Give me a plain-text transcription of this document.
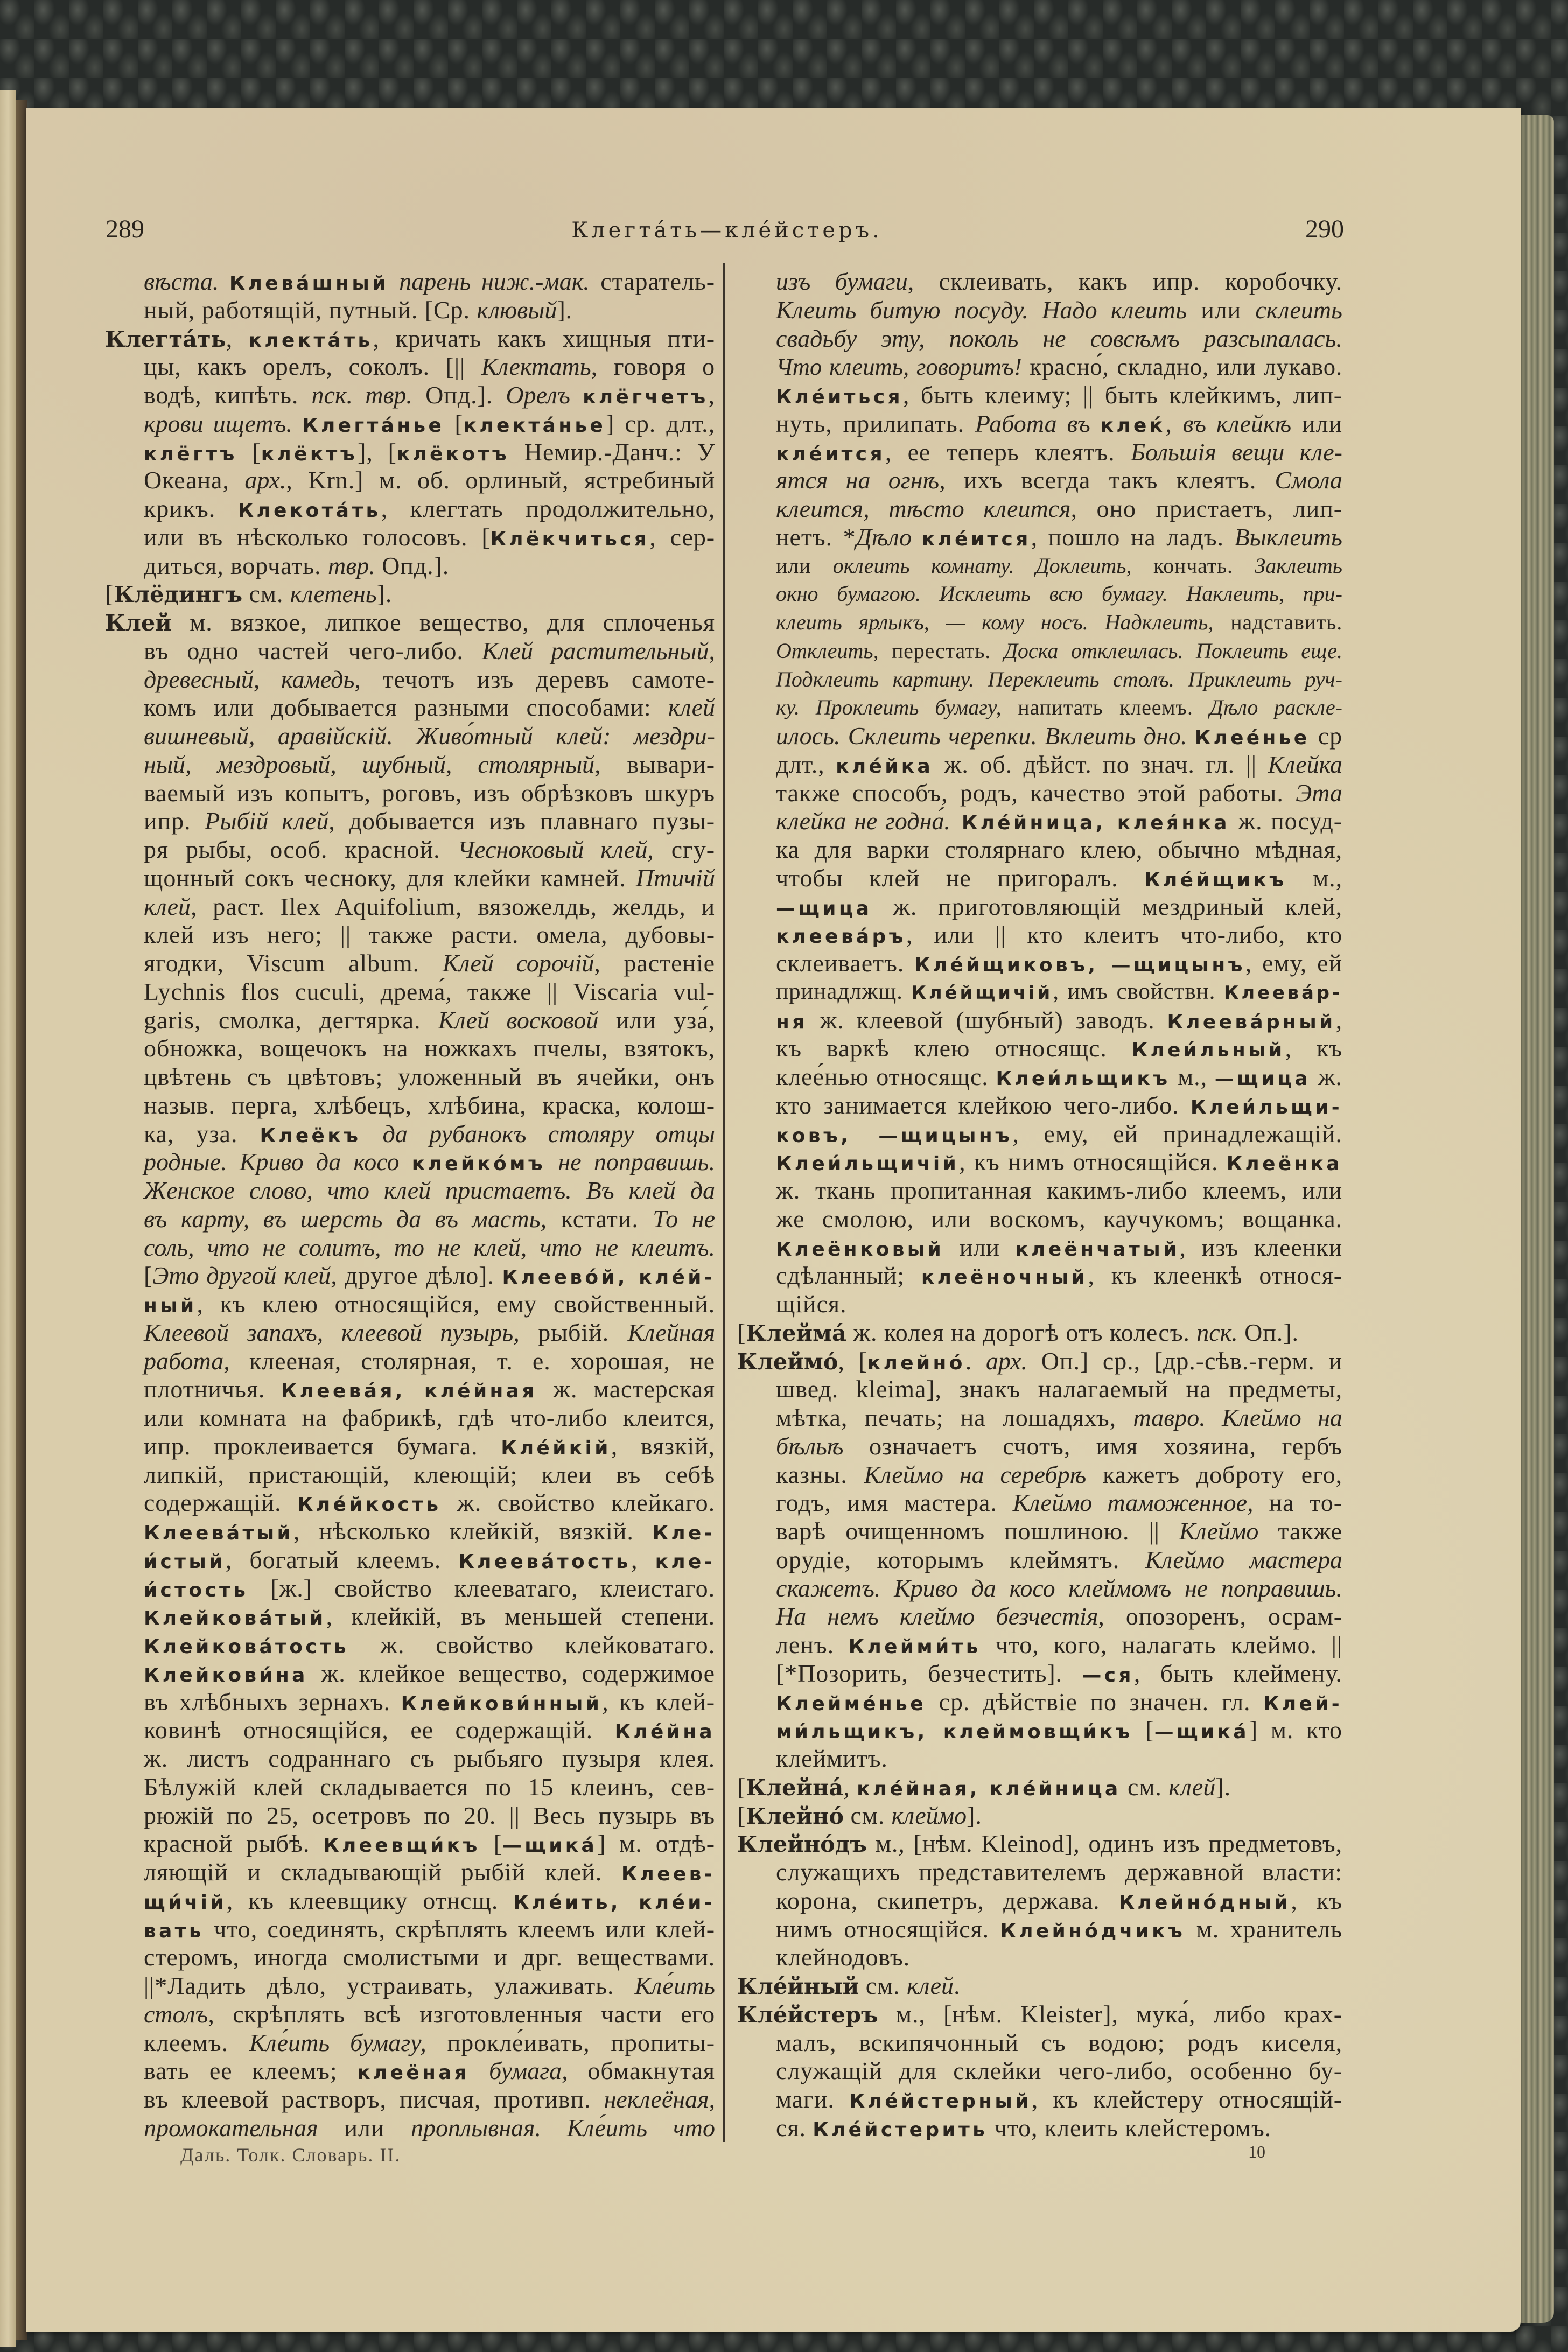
289	Клегта́ть—кле́йстеръ.	290
вѣста. Клева́шный парень ниж.-мак. старатель-
ный, работящій, путный. [Ср. клювый].
Клегта́ть, клекта́ть, кричать какъ хищныя пти-
цы, какъ орелъ, соколъ. [|| Клектать, говоря о
водѣ, кипѣть. пск. твр. Опд.]. Орелъ клёгчетъ,
крови ищетъ. Клегта́нье [клекта́нье] ср. длт.,
клёгтъ [клёктъ], [клёкотъ Немир.-Данч.: У
Океана, арх., Krn.] м. об. орлиный, ястребиный
крикъ. Клекота́ть, клегтать продолжительно,
или въ нѣсколько голосовъ. [Клёкчиться, сер-
диться, ворчать. твр. Опд.].
[Клёдингъ см. клетень].
Клей м. вязкое, липкое вещество, для сплоченья
въ одно частей чего-либо. Клей растительный,
древесный, камедь, течотъ изъ деревъ самоте-
комъ или добывается разными способами: клей
вишневый, аравійскій. Живо́тный клей: мездри-
ный, мездровый, шубный, столярный, вывари-
ваемый изъ копытъ, роговъ, изъ обрѣзковъ шкуръ
ипр. Рыбій клей, добывается изъ плавнаго пузы-
ря рыбы, особ. красной. Чесноковый клей, сгу-
щонный сокъ чесноку, для клейки камней. Птичій
клей, раст. Ilex Aquifolium, вязожелдь, желдь, и
клей изъ него; || также расти. омела, дубовы-
ягодки, Viscum album. Клей сорочій, растеніе
Lychnis flos cuculi, дрема́, также || Viscaria vul-
garis, смолка, дегтярка. Клей восковой или уза́,
обножка, вощечокъ на ножкахъ пчелы, взятокъ,
цвѣтень съ цвѣтовъ; уложенный въ ячейки, онъ
назыв. перга, хлѣбецъ, хлѣбина, краска, колош-
ка, уза. Клеёкъ да рубанокъ столяру отцы
родные. Криво да косо клейко́мъ не поправишь.
Женское слово, что клей пристаетъ. Въ клей да
въ карту, въ шерсть да въ масть, кстати. То не
соль, что не солитъ, то не клей, что не клеитъ.
[Это другой клей, другое дѣло]. Клеево́й, кле́й-
ный, къ клею относящійся, ему свойственный.
Клеевой запахъ, клеевой пузырь, рыбій. Клейная
работа, клееная, столярная, т. е. хорошая, не
плотничья. Клеева́я, кле́йная ж. мастерская
или комната на фабрикѣ, гдѣ что-либо клеится,
ипр. проклеивается бумага. Кле́йкій, вязкій,
липкій, пристающій, клеющій; клеи въ себѣ
содержащій. Кле́йкость ж. свойство клейкаго.
Клеева́тый, нѣсколько клейкій, вязкій. Кле-
и́стый, богатый клеемъ. Клеева́тость, кле-
и́стость [ж.] свойство клееватаго, клеистаго.
Клейкова́тый, клейкій, въ меньшей степени.
Клейкова́тость ж. свойство клейковатаго.
Клейкови́на ж. клейкое вещество, содержимое
въ хлѣбныхъ зернахъ. Клейкови́нный, къ клей-
ковинѣ относящійся, ее содержащій. Кле́йна
ж. листъ содраннаго съ рыбьяго пузыря клея.
Бѣлужій клей складывается по 15 клеинъ, сев-
рюжій по 25, осетровъ по 20. || Весь пузырь въ
красной рыбѣ. Клеевщи́къ [—щика́] м. отдѣ-
ляющій и складывающій рыбій клей. Клеев-
щи́чій, къ клеевщику отнсщ. Кле́ить, кле́и-
вать что, соединять, скрѣплять клеемъ или клей-
стеромъ, иногда смолистыми и дрг. веществами.
||*Ладить дѣло, устраивать, улаживать. Кле́ить
столъ, скрѣплять всѣ изготовленныя части его
клеемъ. Кле́ить бумагу, прокле́ивать, пропиты-
вать ее клеемъ; клеёная бумага, обмакнутая
въ клеевой растворъ, писчая, противп. неклеёная,
промокательная или проплывная. Кле́ить что
изъ бумаги, склеивать, какъ ипр. коробочку.
Клеить битую посуду. Надо клеить или склеить
свадьбу эту, поколь не совсѣмъ разсыпалась.
Что клеить, говоритъ! красно́, складно, или лукаво.
Кле́иться, быть клеиму; || быть клейкимъ, лип-
нуть, прилипать. Работа въ клеќ, въ клейкѣ или
кле́ится, ее теперь клеятъ. Большія вещи кле-
ятся на огнѣ, ихъ всегда такъ клеятъ. Смола
клеится, тѣсто клеится, оно пристаетъ, лип-
нетъ. *Дѣло кле́ится, пошло на ладъ. Выклеить
или оклеить комнату. Доклеить, кончать. Заклеить
окно бумагою. Исклеить всю бумагу. Наклеить, при-
клеить ярлыкъ, — кому носъ. Надклеить, надставить.
Отклеить, перестать. Доска отклеилась. Поклеить еще.
Подклеить картину. Переклеить столъ. Приклеить руч-
ку. Проклеить бумагу, напитать клеемъ. Дѣло раскле-
илось. Склеить черепки. Вклеить дно. Клее́нье ср
длт., кле́йка ж. об. дѣйст. по знач. гл. || Клейка
также способъ, родъ, качество этой работы. Эта
клейка не годна́. Кле́йница, клея́нка ж. посуд-
ка для варки столярнаго клею, обычно мѣдная,
чтобы клей не пригоралъ. Кле́йщикъ м.,
—щица ж. приготовляющій мездриный клей,
клеева́ръ, или || кто клеитъ что-либо, кто
склеиваетъ. Кле́йщиковъ, —щицынъ, ему, ей
принадлжщ. Кле́йщичій, имъ свойствн. Клеева́р-
ня ж. клеевой (шубный) заводъ. Клеева́рный,
къ варкѣ клею относящс. Клеи́льный, къ
клее́нью относящс. Клеи́льщикъ м., —щица ж.
кто занимается клейкою чего-либо. Клеи́льщи-
ковъ, —щицынъ, ему, ей принадлежащій.
Клеи́льщичій, къ нимъ относящійся. Клеёнка
ж. ткань пропитанная какимъ-либо клеемъ, или
же смолою, или воскомъ, каучукомъ; вощанка.
Клеёнковый или клеёнчатый, изъ клеенки
сдѣланный; клеёночный, къ клеенкѣ относя-
щійся.
[Клейма́ ж. колея на дорогѣ отъ колесъ. пск. Оп.].
Клеймо́, [клейно́. арх. Оп.] ср., [др.-сѣв.-герм. и
швед. kleima], знакъ налагаемый на предметы,
мѣтка, печать; на лошадяхъ, тавро. Клеймо на
бѣльѣ означаетъ счотъ, имя хозяина, гербъ
казны. Клеймо на серебрѣ кажетъ доброту его,
годъ, имя мастера. Клеймо таможенное, на то-
варѣ очищенномъ пошлиною. || Клеймо также
орудіе, которымъ клеймятъ. Клеймо мастера
скажетъ. Криво да косо клеймомъ не поправишь.
На немъ клеймо безчестія, опозоренъ, осрам-
ленъ. Клейми́ть что, кого, налагать клеймо. ||
[*Позорить, безчестить]. —ся, быть клеймену.
Клейме́нье ср. дѣйствіе по значен. гл. Клей-
ми́льщикъ, клеймовщи́къ [—щика́] м. кто
клеймитъ.
[Клейна́, кле́йная, кле́йница см. клей].
[Клейно́ см. клеймо].
Клейно́дъ м., [нѣм. Kleinod], одинъ изъ предметовъ,
служащихъ представителемъ державной власти:
корона, скипетръ, держава. Клейно́дный, къ
нимъ относящійся. Клейно́дчикъ м. хранитель
клейнодовъ.
Кле́йный см. клей.
Кле́йстеръ м., [нѣм. Kleister], мука́, либо крах-
малъ, вскипячонный съ водою; родъ киселя,
служащій для склейки чего-либо, особенно бу-
маги. Кле́йстерный, къ клейстеру относящій-
ся. Кле́йстерить что, клеить клейстеромъ.
Даль. Толк. Словарь. II.	10
